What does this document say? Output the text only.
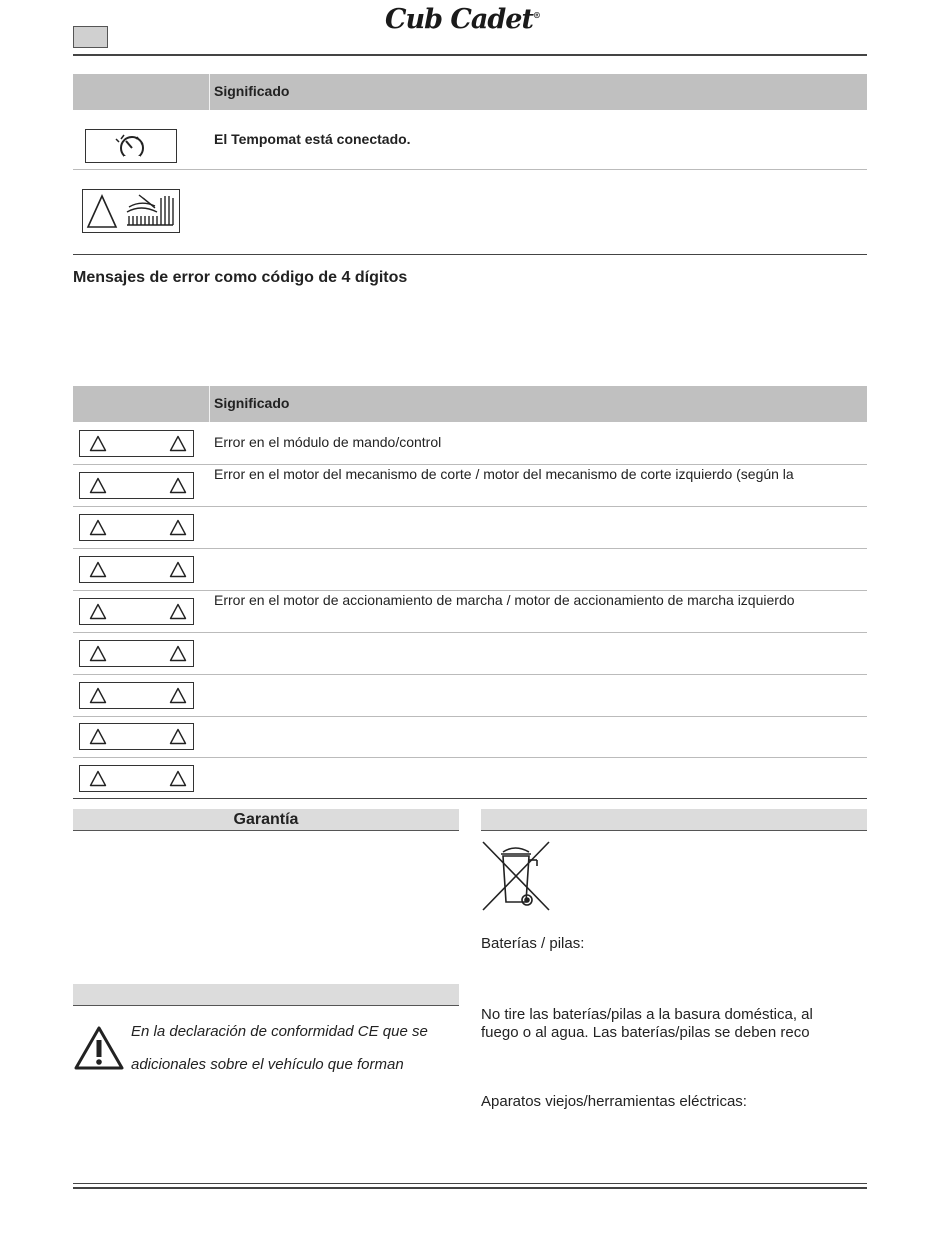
Cub Cadet®
Significado
El Tempomat está conectado.
Mensajes de error como código de 4 dígitos
Significado
Error en el módulo de mando/control
Error en el motor del mecanismo de corte / motor del mecanismo de corte izquierdo (según la
Error en el motor de accionamiento de marcha / motor de accionamiento de marcha izquierdo
Garantía
Baterías / pilas:
No tire las baterías/pilas a la basura doméstica, al
fuego o al agua. Las baterías/pilas se deben reco
Aparatos viejos/herramientas eléctricas:
En la declaración de conformidad CE que se
adicionales sobre el vehículo que forman
